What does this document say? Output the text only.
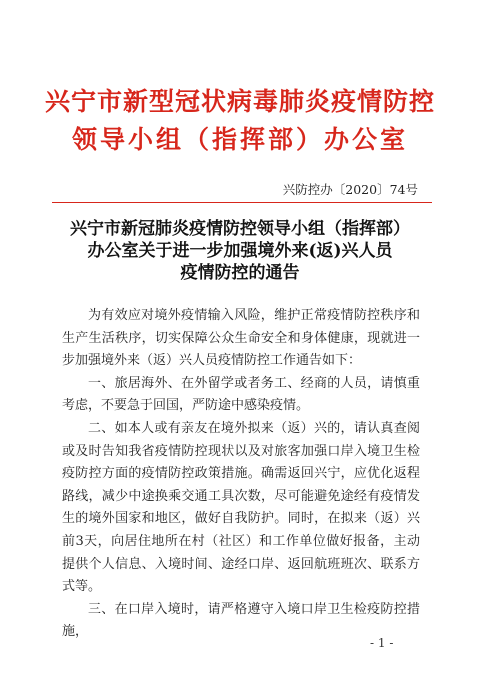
兴宁市新型冠状病毒肺炎疫情防控
领导小组（指挥部）办公室
兴防控办〔2020〕74号
兴宁市新冠肺炎疫情防控领导小组（指挥部）
办公室关于进一步加强境外来(返)兴人员
疫情防控的通告

为有效应对境外疫情输入风险，维护正常疫情防控秩序和生产生活秩序，切实保障公众生命安全和身体健康，现就进一步加强境外来（返）兴人员疫情防控工作通告如下：

一、旅居海外、在外留学或者务工、经商的人员，请慎重考虑，不要急于回国，严防途中感染疫情。

二、如本人或有亲友在境外拟来（返）兴的，请认真查阅或及时告知我省疫情防控现状以及对旅客加强口岸入境卫生检疫防控方面的疫情防控政策措施。确需返回兴宁，应优化返程路线，减少中途换乘交通工具次数，尽可能避免途经有疫情发生的境外国家和地区，做好自我防护。同时，在拟来（返）兴前3天，向居住地所在村（社区）和工作单位做好报备，主动提供个人信息、入境时间、途经口岸、返回航班班次、联系方式等。

三、在口岸入境时，请严格遵守入境口岸卫生检疫防控措施，

- 1 -
